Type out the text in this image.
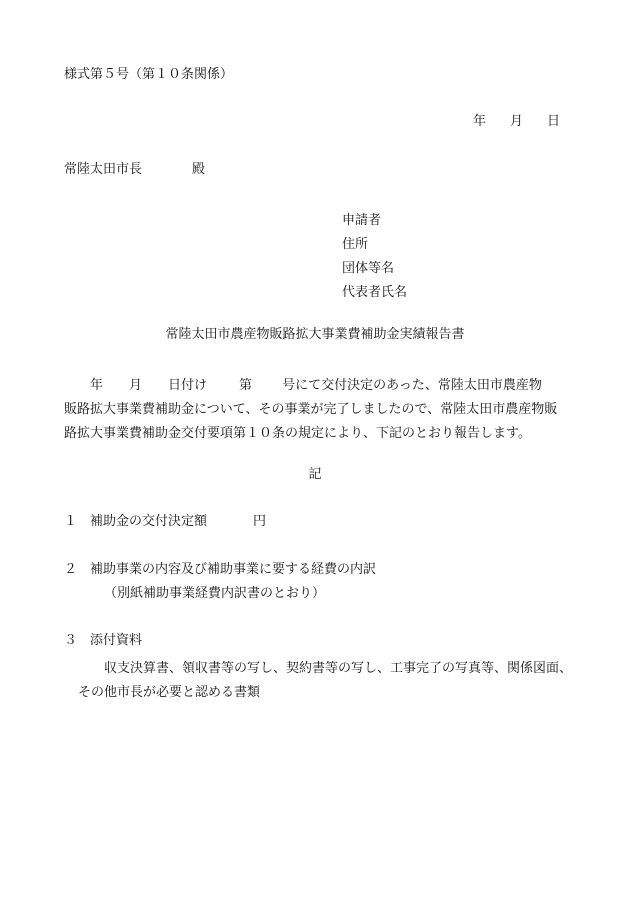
様式第５号（第１０条関係）
年 月 日
常陸太田市長	殿
申請者
住所
団体等名
代表者氏名
常陸太田市農産物販路拡大事業費補助金実績報告書
年 月 日付け 第 号にて交付決定のあった、常陸太田市農産物
販路拡大事業費補助金について、その事業が完了しましたので、常陸太田市農産物販
路拡大事業費補助金交付要項第１０条の規定により、下記のとおり報告します。
記
１ 補助金の交付決定額	円
２ 補助事業の内容及び補助事業に要する経費の内訳
（別紙補助事業経費内訳書のとおり）
３ 添付資料
収支決算書、領収書等の写し、契約書等の写し、工事完了の写真等、関係図面、
その他市長が必要と認める書類
